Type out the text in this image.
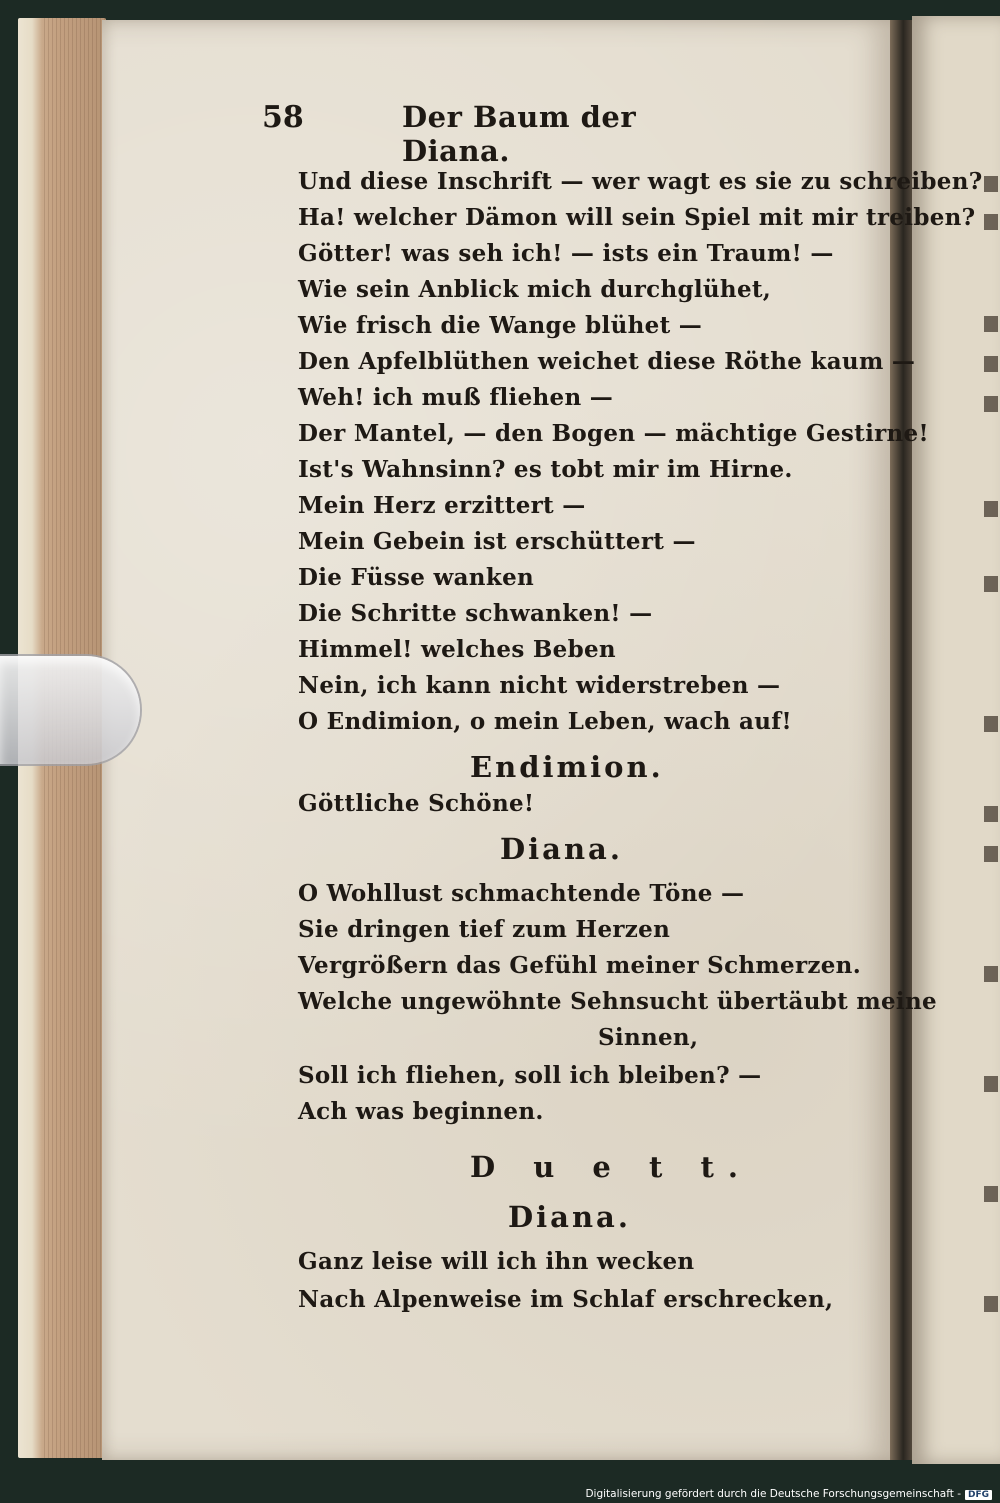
58	Der Baum der Diana.
Und diese Inschrift — wer wagt es sie zu schreiben?
Ha! welcher Dämon will sein Spiel mit mir treiben?
Götter! was seh ich! — ists ein Traum! —
Wie sein Anblick mich durchglühet,
Wie frisch die Wange blühet —
Den Apfelblüthen weichet diese Röthe kaum —
Weh! ich muß fliehen —
Der Mantel, — den Bogen — mächtige Gestirne!
Ist's Wahnsinn? es tobt mir im Hirne.
Mein Herz erzittert —
Mein Gebein ist erschüttert —
Die Füsse wanken
Die Schritte schwanken! —
Himmel! welches Beben
Nein, ich kann nicht widerstreben —
O Endimion, o mein Leben, wach auf!
Endimion.
Göttliche Schöne!
Diana.
O Wohllust schmachtende Töne —
Sie dringen tief zum Herzen
Vergrößern das Gefühl meiner Schmerzen.
Welche ungewöhnte Sehnsucht übertäubt meine
Sinnen,
Soll ich fliehen, soll ich bleiben? —
Ach was beginnen.
D u e t t.
Diana.
Ganz leise will ich ihn wecken
Nach Alpenweise im Schlaf erschrecken,
Digitalisierung gefördert durch die Deutsche Forschungsgemeinschaft - DFG
